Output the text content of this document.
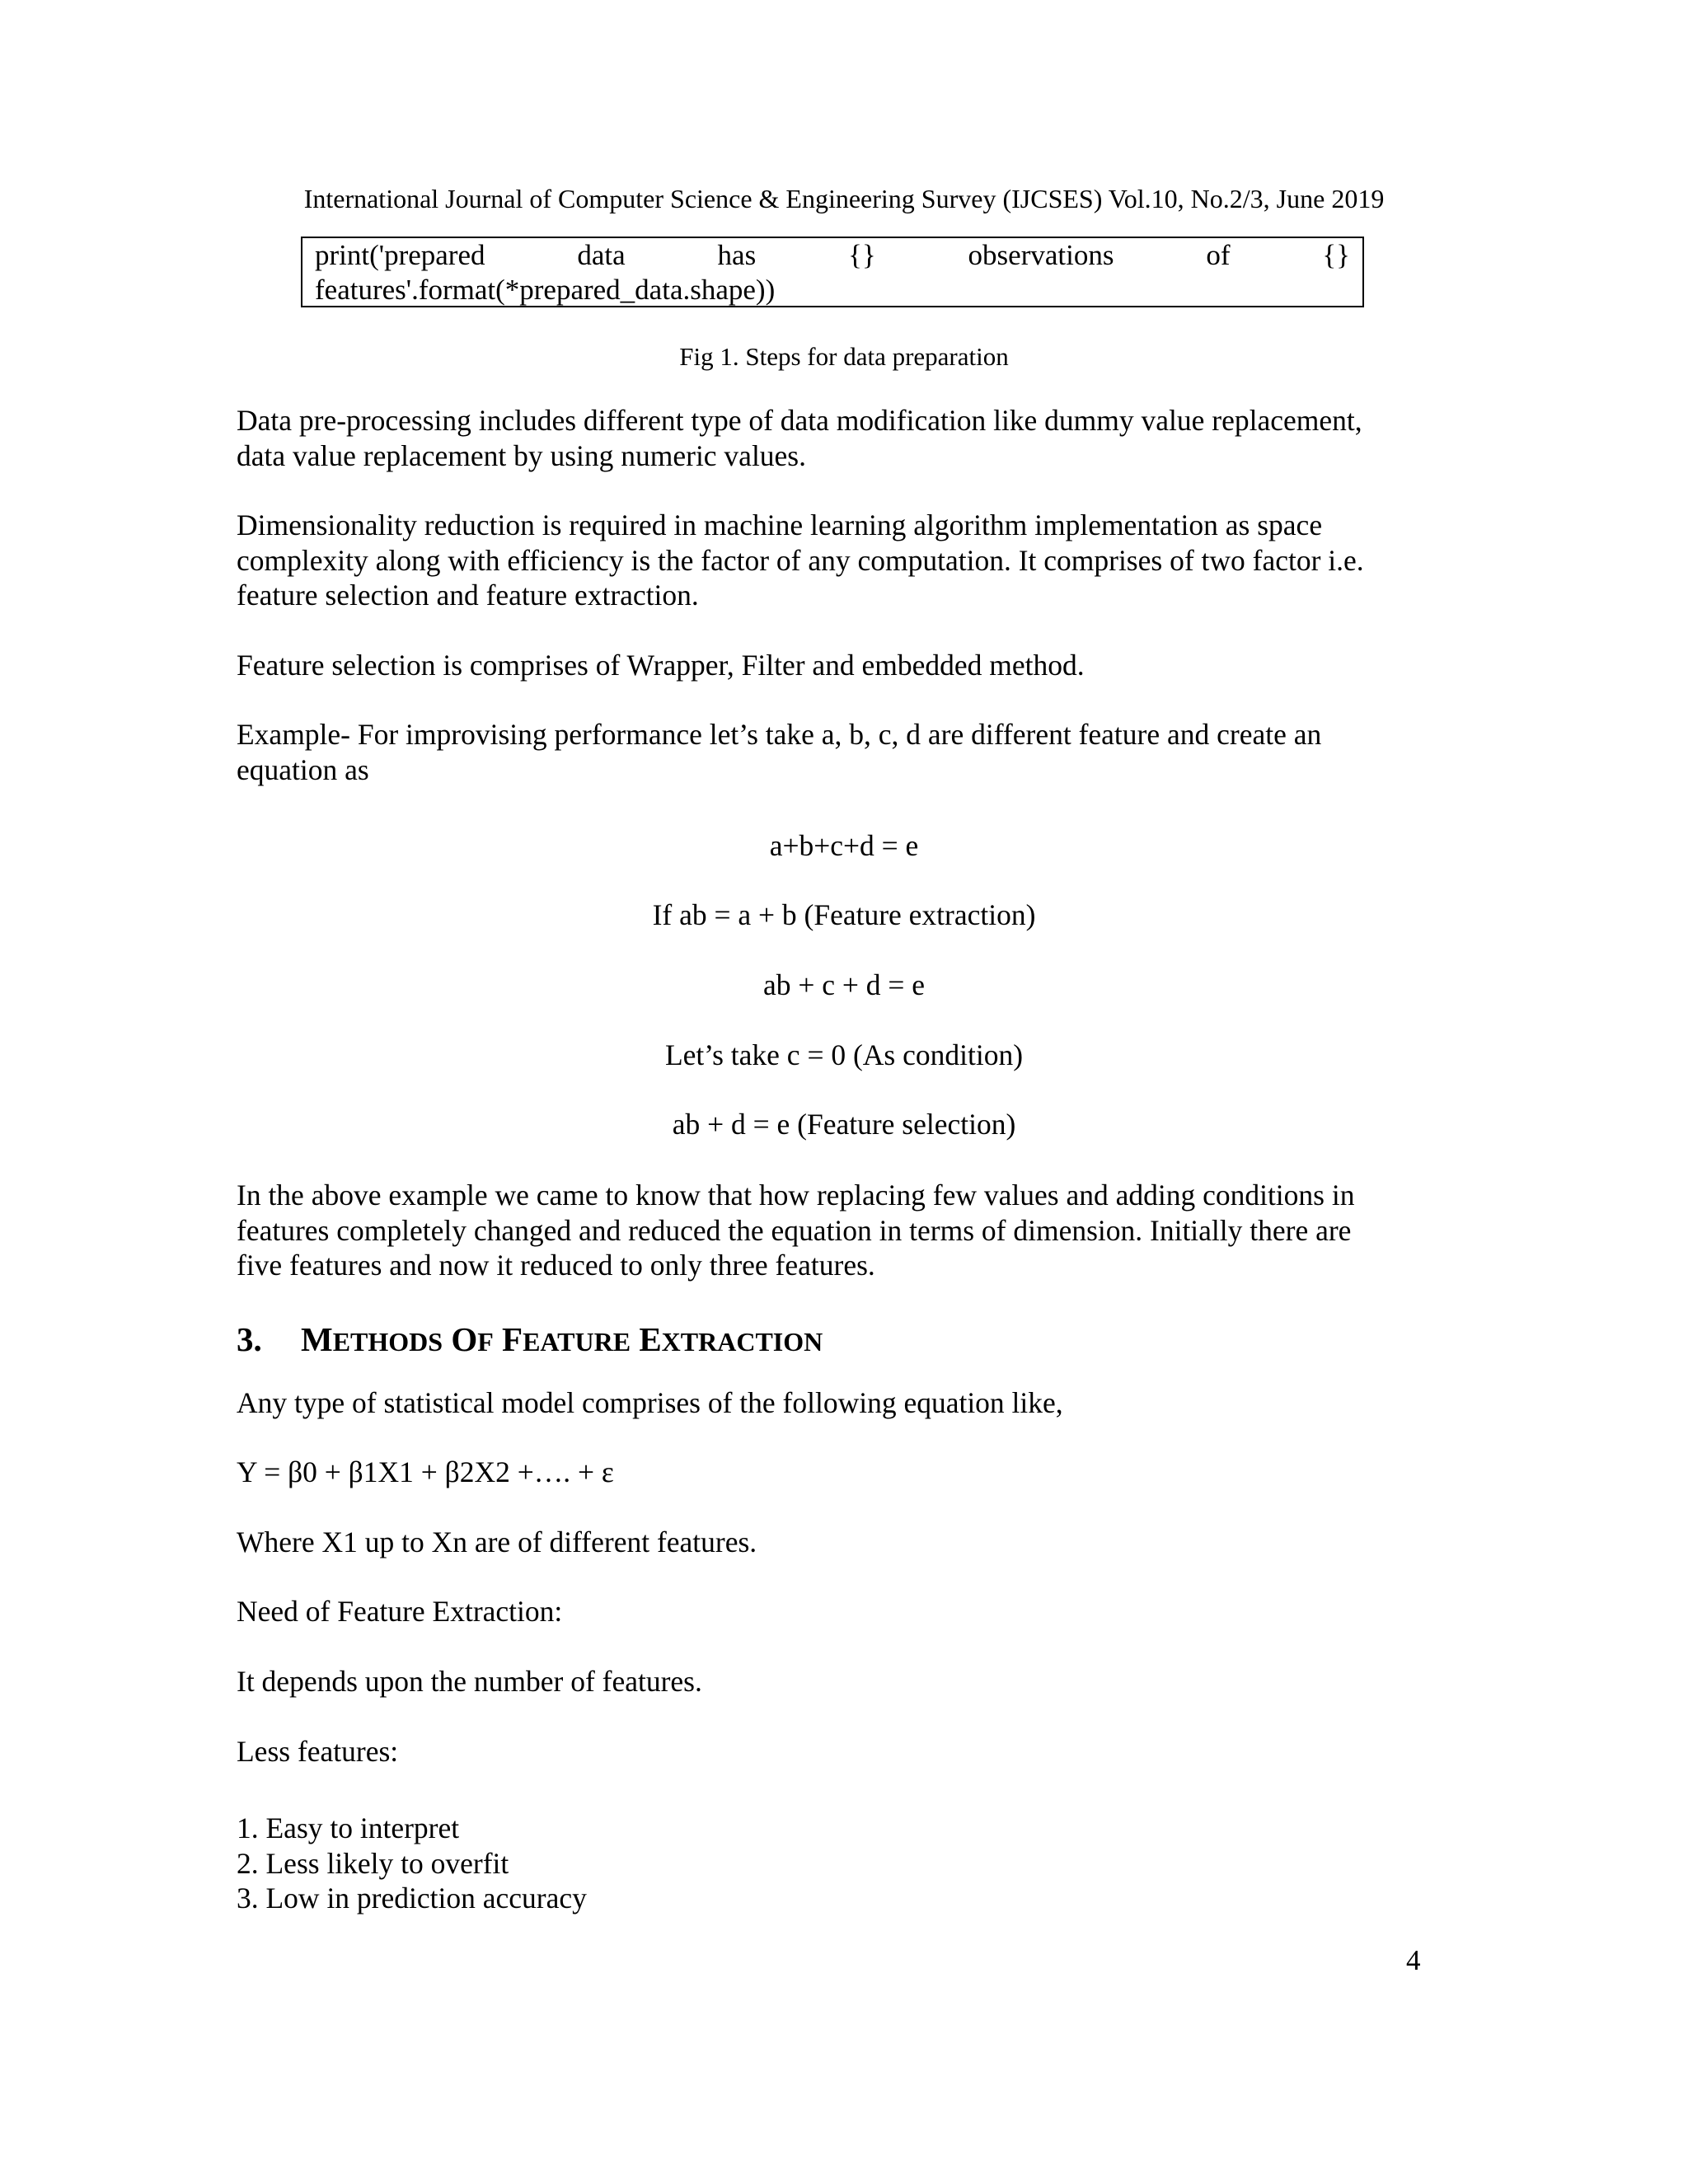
International Journal of Computer Science & Engineering Survey (IJCSES) Vol.10, No.2/3, June 2019
print('prepared	data	has	{}	observations	of	{}
features'.format(*prepared_data.shape))
Fig 1. Steps for data preparation

Data pre-processing includes different type of data modification like dummy value replacement,
data value replacement by using numeric values.

Dimensionality reduction is required in machine learning algorithm implementation as space
complexity along with efficiency is the factor of any computation. It comprises of two factor i.e.
feature selection and feature extraction.

Feature selection is comprises of Wrapper, Filter and embedded method.

Example- For improvising performance let’s take a, b, c, d are different feature and create an
equation as

a+b+c+d = e
If ab = a + b (Feature extraction)
ab + c + d = e
Let’s take c = 0 (As condition)
ab + d = e (Feature selection)

In the above example we came to know that how replacing few values and adding conditions in
features completely changed and reduced the equation in terms of dimension. Initially there are
five features and now it reduced to only three features.

3. METHODS OF FEATURE EXTRACTION
Any type of statistical model comprises of the following equation like,
Y = β0 + β1X1 + β2X2 +…. + ε
Where X1 up to Xn are of different features.
Need of Feature Extraction:
It depends upon the number of features.
Less features:
1. Easy to interpret
2. Less likely to overfit
3. Low in prediction accuracy
4
